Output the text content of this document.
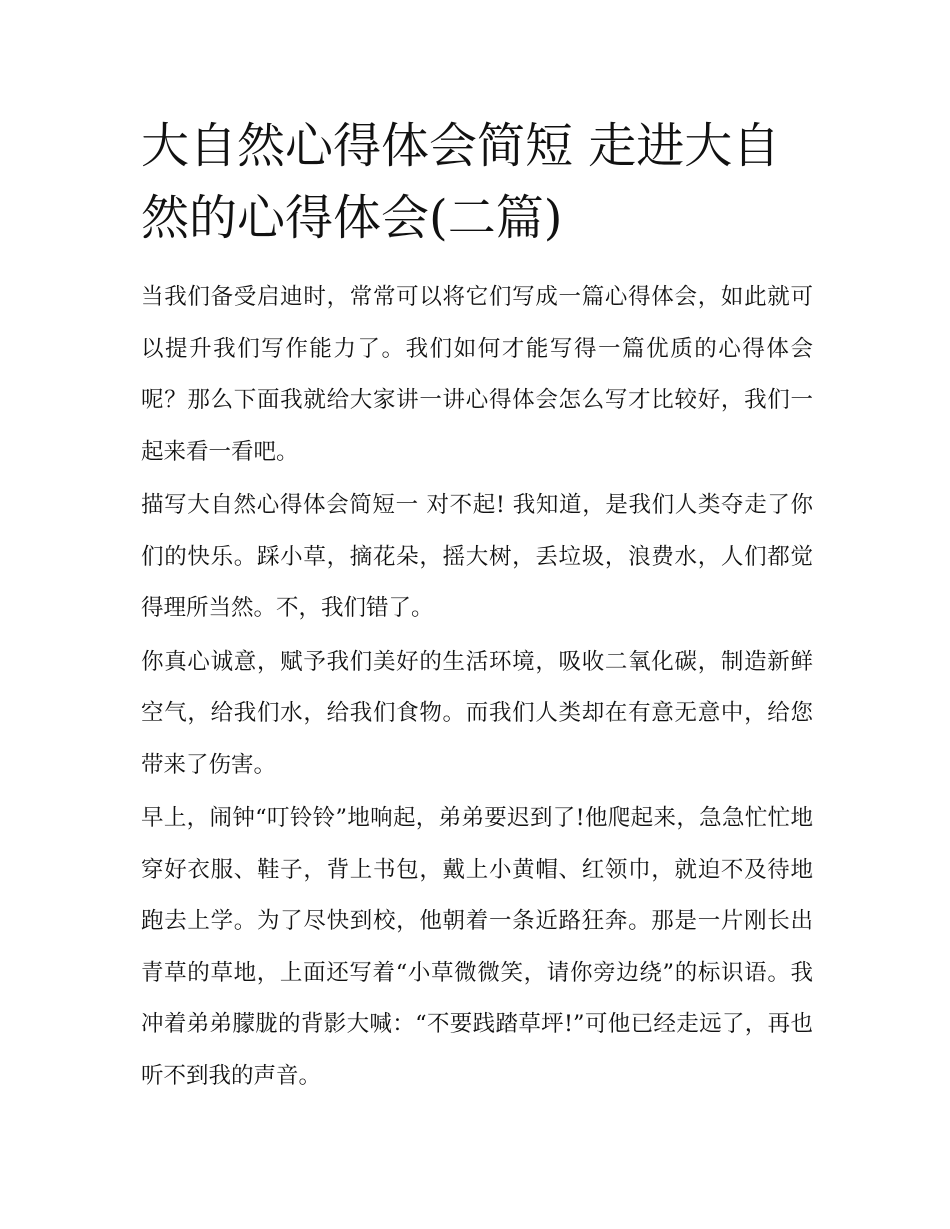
大自然心得体会简短 走进大自然的心得体会(二篇)

当我们备受启迪时，常常可以将它们写成一篇心得体会，如此就可以提升我们写作能力了。我们如何才能写得一篇优质的心得体会呢？那么下面我就给大家讲一讲心得体会怎么写才比较好，我们一起来看一看吧。

描写大自然心得体会简短一 对不起! 我知道，是我们人类夺走了你们的快乐。踩小草，摘花朵，摇大树，丢垃圾，浪费水，人们都觉得理所当然。不，我们错了。

你真心诚意，赋予我们美好的生活环境，吸收二氧化碳，制造新鲜空气，给我们水，给我们食物。而我们人类却在有意无意中，给您带来了伤害。

早上，闹钟“叮铃铃”地响起，弟弟要迟到了!他爬起来，急急忙忙地穿好衣服、鞋子，背上书包，戴上小黄帽、红领巾，就迫不及待地跑去上学。为了尽快到校，他朝着一条近路狂奔。那是一片刚长出青草的草地，上面还写着“小草微微笑，请你旁边绕”的标识语。我冲着弟弟朦胧的背影大喊：“不要践踏草坪!”可他已经走远了，再也听不到我的声音。
